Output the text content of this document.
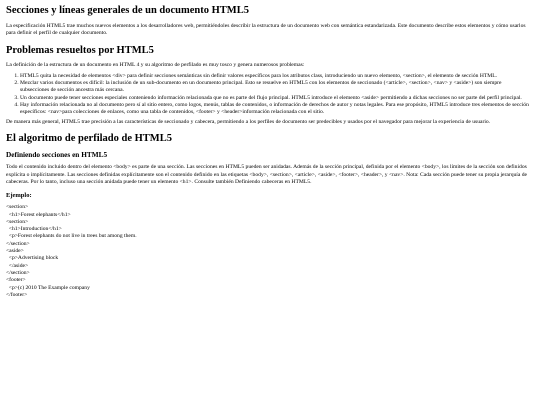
Secciones y líneas generales de un documento HTML5

La especificación HTML5 trae muchos nuevos elementos a los desarrolladores web, permitiéndoles describir la estructura de un documento web con semántica estandarizada. Este documento describe estos elementos y cómo usarlos para definir el perfil de cualquier documento.

Problemas resueltos por HTML5

La definición de la estructura de un documento en HTML 4 y su algoritmo de perfilado es muy tosco y genera numerosos problemas:

1. HTML5 quita la necesidad de elementos <div> para definir secciones semánticas sin definir valores específicos para los atributos class, introduciendo un nuevo elemento, <section>, el elemento de sección HTML.
2. Mezclar varios documentos es difícil: la inclusión de un sub-documento en un documento principal. Esto se resuelve en HTML5 con los elementos de seccionado (<article>, <section>, <nav> y <aside>) son siempre subsecciones de sección ancestra más cercana.
3. Un documento puede tener secciones especiales conteniendo información relacionada que no es parte del flujo principal. HTML5 introduce el elemento <aside> permitiendo a dichas secciones no ser parte del perfil principal.
4. Hay información relacionada no al documento pero sí al sitio entero, como logos, menús, tablas de contenidos, o información de derechos de autor y notas legales. Para ese propósito, HTML5 introduce tres elementos de sección específicos: <nav>para colecciones de enlaces, como una tabla de contenidos, <footer> y <header>información relacionada con el sitio.

De manera más general, HTML5 trae precisión a las características de seccionado y cabecera, permitiendo a los perfiles de documento ser predecibles y usados por el navegador para mejorar la experiencia de usuario.

El algoritmo de perfilado de HTML5
Definiendo secciones en HTML5

Todo el contenido incluido dentro del elemento <body> es parte de una sección. Las secciones en HTML5 pueden ser anidadas. Además de la sección principal, definida por el elemento <body>, los límites de la sección son definidos explícita o implícitamente. Las secciones definidas explícitamente son el contenido definido en las etiquetas <body>, <section>, <article>, <aside>, <footer>, <header>, y <nav>. Nota: Cada sección puede tener su propia jerarquía de cabeceras. Por lo tanto, incluso una sección anidada puede tener un elemento <h1>. Consulte también Definiendo cabeceras en HTML5.

Ejemplo:
<section>
<h1>Forest elephants</h1>
<section>
<h1>Introduction</h1>
<p>Forest elephants do not live in trees but among them.
</section>
<aside>
<p>Advertising block
</aside>
</section>
<footer>
<p>(c) 2010 The Example company
</footer>
